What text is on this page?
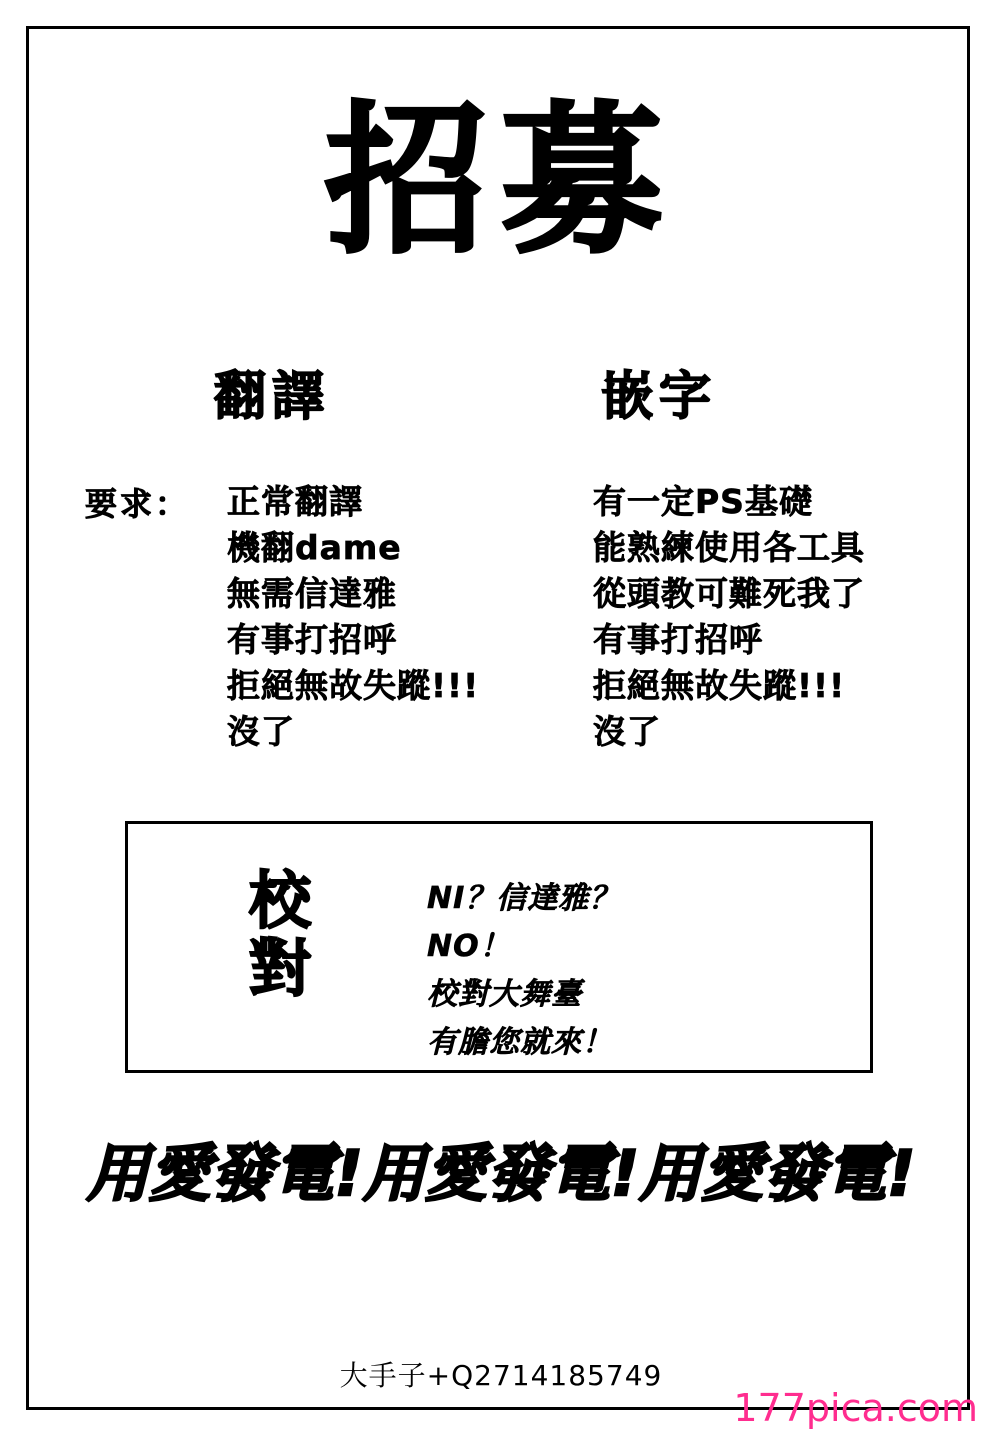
招募
翻譯	嵌字
要求： 正常翻譯
機翻dame
無需信達雅
有事打招呼
拒絕無故失蹤!!!
沒了
有一定PS基礎
能熟練使用各工具
從頭教可難死我了
有事打招呼
拒絕無故失蹤!!!
沒了
校對
NI？信達雅？
NO！
校對大舞臺
有膽您就來！
用愛發電!用愛發電!用愛發電!
大手子+Q2714185749
177pica.com
